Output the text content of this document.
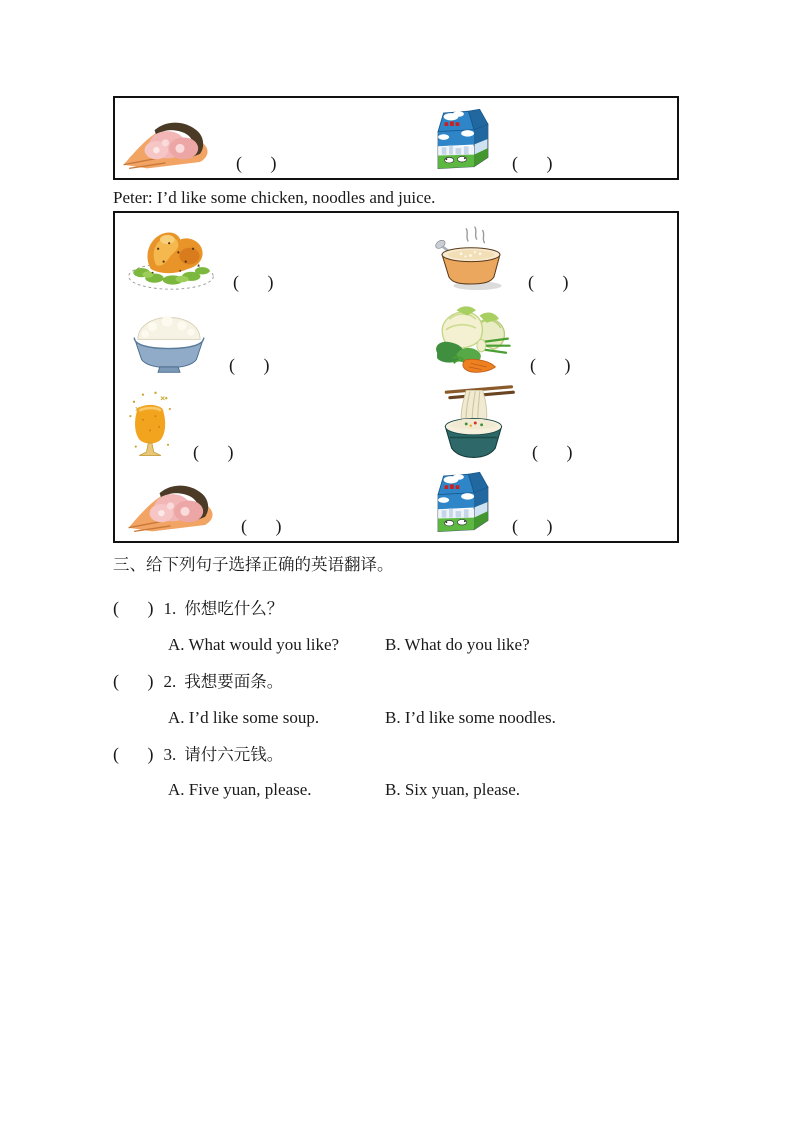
(     )	(     )
Peter: I’d like some chicken, noodles and juice.
(     )	(     )
(     )	(     )
(     )	(     )
(     )	(     )
三、给下列句子选择正确的英语翻译。
(     ) 1. 你想吃什么？
A. What would you like?	B. What do you like?
(     ) 2. 我想要面条。
A. I’d like some soup.	B. I’d like some noodles.
(     ) 3. 请付六元钱。
A. Five yuan, please.	B. Six yuan, please.
